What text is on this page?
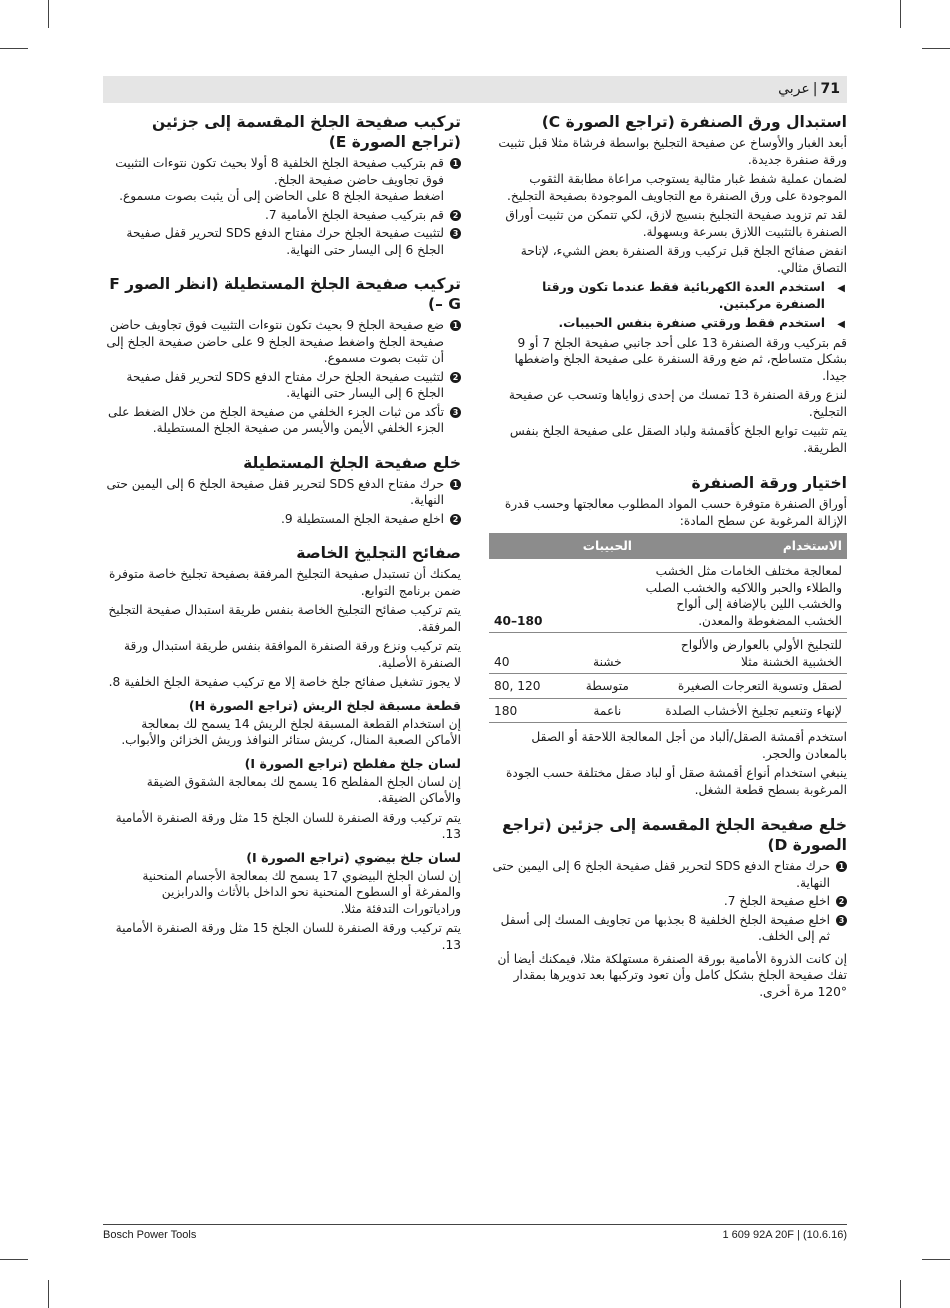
71|عربي
استبدال ورق الصنفرة (تراجع الصورة C)

أبعد الغبار والأوساخ عن صفيحة التجليخ بواسطة فرشاة مثلا قبل تثبيت ورقة صنفرة جديدة.

لضمان عملية شفط غبار مثالية يستوجب مراعاة مطابقة الثقوب الموجودة على ورق الصنفرة مع التجاويف الموجودة بصفيحة التجليخ.

لقد تم تزويد صفيحة التجليخ بنسيج لازق، لكي تتمكن من تثبيت أوراق الصنفرة بالتثبيت اللازق بسرعة وبسهولة.

انفض صفائح الجلخ قبل تركيب ورقة الصنفرة بعض الشيء، لإتاحة التصاق مثالي.

◀
استخدم العدة الكهربائية فقط عندما تكون ورقتا الصنفرة مركبتين.
◀
استخدم فقط ورقتي صنفرة بنفس الحبيبات.

قم بتركيب ورقة الصنفرة 13 على أحد جانبي صفيحة الجلخ 7 أو 9 بشكل متساطح، ثم ضع ورقة السنفرة على صفيحة الجلخ واضغطها جيدا.

لنزع ورقة الصنفرة 13 تمسك من إحدى زواياها وتسحب عن صفيحة التجليخ.

يتم تثبيت توابع الجلخ كأقمشة ولباد الصقل على صفيحة الجلخ بنفس الطريقة.

اختيار ورقة الصنفرة

أوراق الصنفرة متوفرة حسب المواد المطلوب معالجتها وحسب قدرة الإزالة المرغوبة عن سطح المادة:

الاستخدام	الحبيبات	
لمعالجة مختلف الخامات مثل الخشب والطلاء والحبر واللاكيه والخشب الصلب والخشب اللين بالإضافة إلى ألواح الخشب المضغوطة والمعدن.		40–180
للتجليخ الأولي بالعوارض والألواح الخشبية الخشنة مثلا	خشنة	40
لصقل وتسوية التعرجات الصغيرة	متوسطة	80, 120
لإنهاء وتنعيم تجليخ الأخشاب الصلدة	ناعمة	180

استخدم أقمشة الصقل/ألباد من أجل المعالجة اللاحقة أو الصقل بالمعادن والحجر.

ينبغي استخدام أنواع أقمشة صقل أو لباد صقل مختلفة حسب الجودة المرغوبة بسطح قطعة الشغل.

خلع صفيحة الجلخ المقسمة إلى جزئين (تراجع الصورة D)
1
حرك مفتاح الدفع SDS لتحرير قفل صفيحة الجلخ 6 إلى اليمين حتى النهاية.
2
اخلع صفيحة الجلخ 7.
3
اخلع صفيحة الجلخ الخلفية 8 بجذبها من تجاويف المسك إلى أسفل ثم إلى الخلف.

إن كانت الذروة الأمامية بورقة الصنفرة مستهلكة مثلا، فيمكنك أيضا أن تفك صفيحة الجلخ بشكل كامل وأن تعود وتركبها بعد تدويرها بمقدار °120 مرة أخرى.

تركيب صفيحة الجلخ المقسمة إلى جزئين (تراجع الصورة E)
1
قم بتركيب صفيحة الجلخ الخلفية 8 أولا بحيث تكون نتوءات التثبيت فوق تجاويف حاضن صفيحة الجلخ.
اضغط صفيحة الجلخ 8 على الحاضن إلى أن يثبت بصوت مسموع.
2
قم بتركيب صفيحة الجلخ الأمامية 7.
3
لتثبيت صفيحة الجلخ حرك مفتاح الدفع SDS لتحرير قفل صفيحة الجلخ 6 إلى اليسار حتى النهاية.
تركيب صفيحة الجلخ المستطيلة (انظر الصور F – G)
1
ضع صفيحة الجلخ 9 بحيث تكون نتوءات التثبيت فوق تجاويف حاضن صفيحة الجلخ واضغط صفيحة الجلخ 9 على حاضن صفيحة الجلخ إلى أن تثبت بصوت مسموع.
2
لتثبيت صفيحة الجلخ حرك مفتاح الدفع SDS لتحرير قفل صفيحة الجلخ 6 إلى اليسار حتى النهاية.
3
تأكد من ثبات الجزء الخلفي من صفيحة الجلخ من خلال الضغط على الجزء الخلفي الأيمن والأيسر من صفيحة الجلخ المستطيلة.
خلع صفيحة الجلخ المستطيلة
1
حرك مفتاح الدفع SDS لتحرير قفل صفيحة الجلخ 6 إلى اليمين حتى النهاية.
2
اخلع صفيحة الجلخ المستطيلة 9.
صفائح التجليخ الخاصة

يمكنك أن تستبدل صفيحة التجليخ المرفقة بصفيحة تجليخ خاصة متوفرة ضمن برنامج التوابع.

يتم تركيب صفائح التجليخ الخاصة بنفس طريقة استبدال صفيحة التجليخ المرفقة.

يتم تركيب ونزع ورقة الصنفرة الموافقة بنفس طريقة استبدال ورقة الصنفرة الأصلية.

لا يجوز تشغيل صفائح جلخ خاصة إلا مع تركيب صفيحة الجلخ الخلفية 8.

قطعة مسبقة لجلخ الريش (تراجع الصورة H)

إن استخدام القطعة المسبقة لجلخ الريش 14 يسمح لك بمعالجة الأماكن الصعبة المنال، كريش ستائر النوافذ وريش الخزائن والأبواب.

لسان جلخ مفلطح (تراجع الصورة I)

إن لسان الجلخ المفلطح 16 يسمح لك بمعالجة الشقوق الضيقة والأماكن الضيقة.

يتم تركيب ورقة الصنفرة للسان الجلخ 15 مثل ورقة الصنفرة الأمامية 13.

لسان جلخ بيضوي (تراجع الصورة I)

إن لسان الجلخ البيضوي 17 يسمح لك بمعالجة الأجسام المنحنية والمفرغة أو السطوح المنحنية نحو الداخل بالأثاث والدرابزين ورادياتورات التدفئة مثلا.

يتم تركيب ورقة الصنفرة للسان الجلخ 15 مثل ورقة الصنفرة الأمامية 13.

Bosch Power Tools	1 609 92A 20F | (10.6.16)
